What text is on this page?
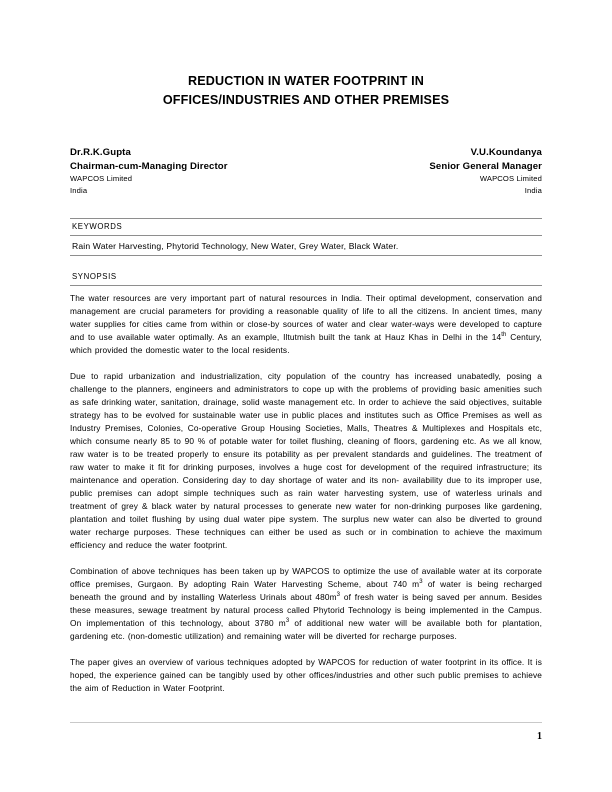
REDUCTION IN WATER FOOTPRINT IN
OFFICES/INDUSTRIES AND OTHER PREMISES
Dr.R.K.Gupta
Chairman-cum-Managing Director
WAPCOS Limited
India
V.U.Koundanya
Senior General Manager
WAPCOS Limited
India
KEYWORDS
Rain Water Harvesting, Phytorid Technology, New Water, Grey Water, Black Water.
SYNOPSIS

The water resources are very important part of natural resources in India. Their optimal development, conservation and management are crucial parameters for providing a reasonable quality of life to all the citizens. In ancient times, many water supplies for cities came from within or close-by sources of water and clear water-ways were developed to capture and to use available water optimally. As an example, Iltutmish built the tank at Hauz Khas in Delhi in the 14th Century, which provided the domestic water to the local residents.

Due to rapid urbanization and industrialization, city population of the country has increased unabatedly, posing a challenge to the planners, engineers and administrators to cope up with the problems of providing basic amenities such as safe drinking water, sanitation, drainage, solid waste management etc. In order to achieve the said objectives, suitable strategy has to be evolved for sustainable water use in public places and institutes such as Office Premises as well as Industry Premises, Colonies, Co-operative Group Housing Societies, Malls, Theatres & Multiplexes and Hospitals etc, which consume nearly 85 to 90 % of potable water for toilet flushing, cleaning of floors, gardening etc. As we all know, raw water is to be treated properly to ensure its potability as per prevalent standards and guidelines. The treatment of raw water to make it fit for drinking purposes, involves a huge cost for development of the required infrastructure; its maintenance and operation. Considering day to day shortage of water and its non- availability due to its improper use, public premises can adopt simple techniques such as rain water harvesting system, use of waterless urinals and treatment of grey & black water by natural processes to generate new water for non-drinking purposes like gardening, plantation and toilet flushing by using dual water pipe system. The surplus new water can also be diverted to ground water recharge purposes. These techniques can either be used as such or in combination to achieve the maximum efficiency and reduce the water footprint.

Combination of above techniques has been taken up by WAPCOS to optimize the use of available water at its corporate office premises, Gurgaon. By adopting Rain Water Harvesting Scheme, about 740 $m^3$ of water is being recharged beneath the ground and by installing Waterless Urinals about $480m^3$ of fresh water is being saved per annum. Besides these measures, sewage treatment by natural process called Phytorid Technology is being implemented in the Campus. On implementation of this technology, about 3780 $m^3$ of additional new water will be available both for plantation, gardening etc. (non-domestic utilization) and remaining water will be diverted for recharge purposes.

The paper gives an overview of various techniques adopted by WAPCOS for reduction of water footprint in its office. It is hoped, the experience gained can be tangibly used by other offices/industries and other such public premises to achieve the aim of Reduction in Water Footprint.

1
